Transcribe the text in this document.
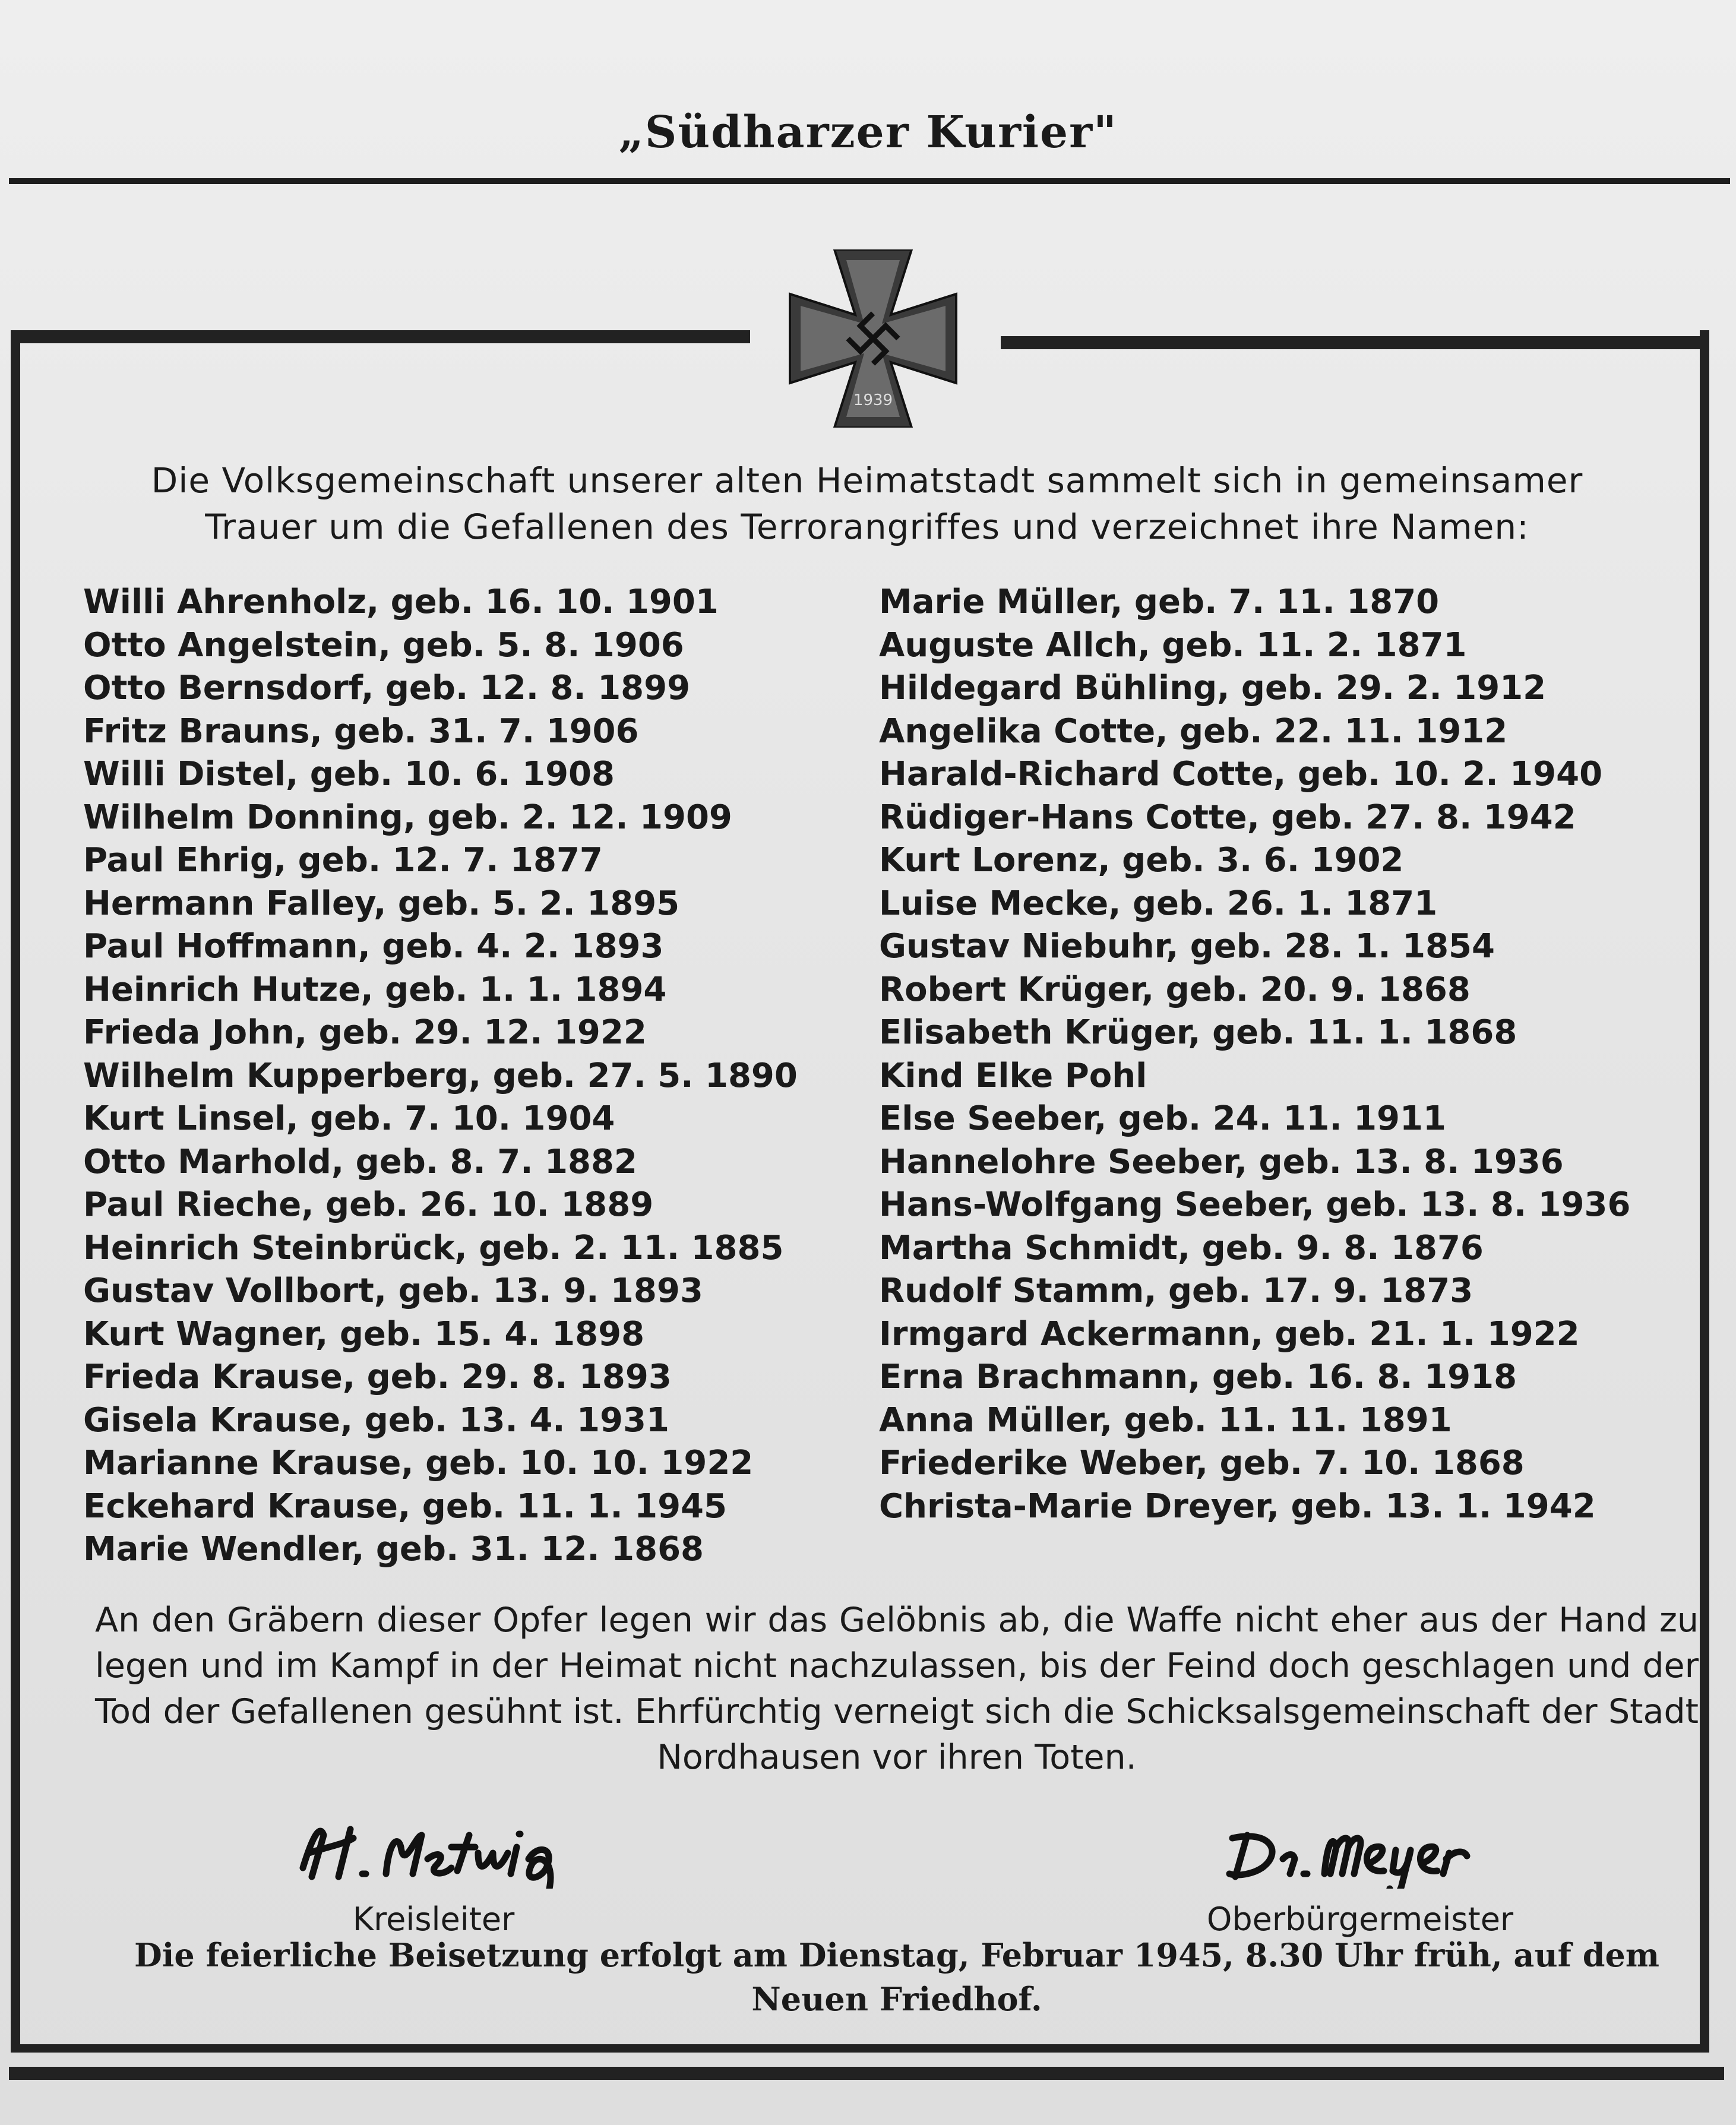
„Südharzer Kurier"
1939
Die Volksgemeinschaft unserer alten Heimatstadt sammelt sich in gemeinsamer
Trauer um die Gefallenen des Terrorangriffes und verzeichnet ihre Namen:
Willi Ahrenholz, geb. 16. 10. 1901
Otto Angelstein, geb. 5. 8. 1906
Otto Bernsdorf, geb. 12. 8. 1899
Fritz Brauns, geb. 31. 7. 1906
Willi Distel, geb. 10. 6. 1908
Wilhelm Donning, geb. 2. 12. 1909
Paul Ehrig, geb. 12. 7. 1877
Hermann Falley, geb. 5. 2. 1895
Paul Hoffmann, geb. 4. 2. 1893
Heinrich Hutze, geb. 1. 1. 1894
Frieda John, geb. 29. 12. 1922
Wilhelm Kupperberg, geb. 27. 5. 1890
Kurt Linsel, geb. 7. 10. 1904
Otto Marhold, geb. 8. 7. 1882
Paul Rieche, geb. 26. 10. 1889
Heinrich Steinbrück, geb. 2. 11. 1885
Gustav Vollbort, geb. 13. 9. 1893
Kurt Wagner, geb. 15. 4. 1898
Frieda Krause, geb. 29. 8. 1893
Gisela Krause, geb. 13. 4. 1931
Marianne Krause, geb. 10. 10. 1922
Eckehard Krause, geb. 11. 1. 1945
Marie Wendler, geb. 31. 12. 1868
Marie Müller, geb. 7. 11. 1870
Auguste Allch, geb. 11. 2. 1871
Hildegard Bühling, geb. 29. 2. 1912
Angelika Cotte, geb. 22. 11. 1912
Harald-Richard Cotte, geb. 10. 2. 1940
Rüdiger-Hans Cotte, geb. 27. 8. 1942
Kurt Lorenz, geb. 3. 6. 1902
Luise Mecke, geb. 26. 1. 1871
Gustav Niebuhr, geb. 28. 1. 1854
Robert Krüger, geb. 20. 9. 1868
Elisabeth Krüger, geb. 11. 1. 1868
Kind Elke Pohl
Else Seeber, geb. 24. 11. 1911
Hannelohre Seeber, geb. 13. 8. 1936
Hans-Wolfgang Seeber, geb. 13. 8. 1936
Martha Schmidt, geb. 9. 8. 1876
Rudolf Stamm, geb. 17. 9. 1873
Irmgard Ackermann, geb. 21. 1. 1922
Erna Brachmann, geb. 16. 8. 1918
Anna Müller, geb. 11. 11. 1891
Friederike Weber, geb. 7. 10. 1868
Christa-Marie Dreyer, geb. 13. 1. 1942
An den Gräbern dieser Opfer legen wir das Gelöbnis ab, die Waffe nicht eher aus der Hand zu legen und im Kampf in der Heimat nicht nachzulassen, bis der Feind doch geschlagen und der Tod der Gefallenen gesühnt ist. Ehrfürchtig verneigt sich die Schicksalsgemeinschaft der Stadt Nordhausen vor ihren Toten.
Kreisleiter	Oberbürgermeister
Die feierliche Beisetzung erfolgt am Dienstag, Februar 1945, 8.30 Uhr früh, auf dem
Neuen Friedhof.
